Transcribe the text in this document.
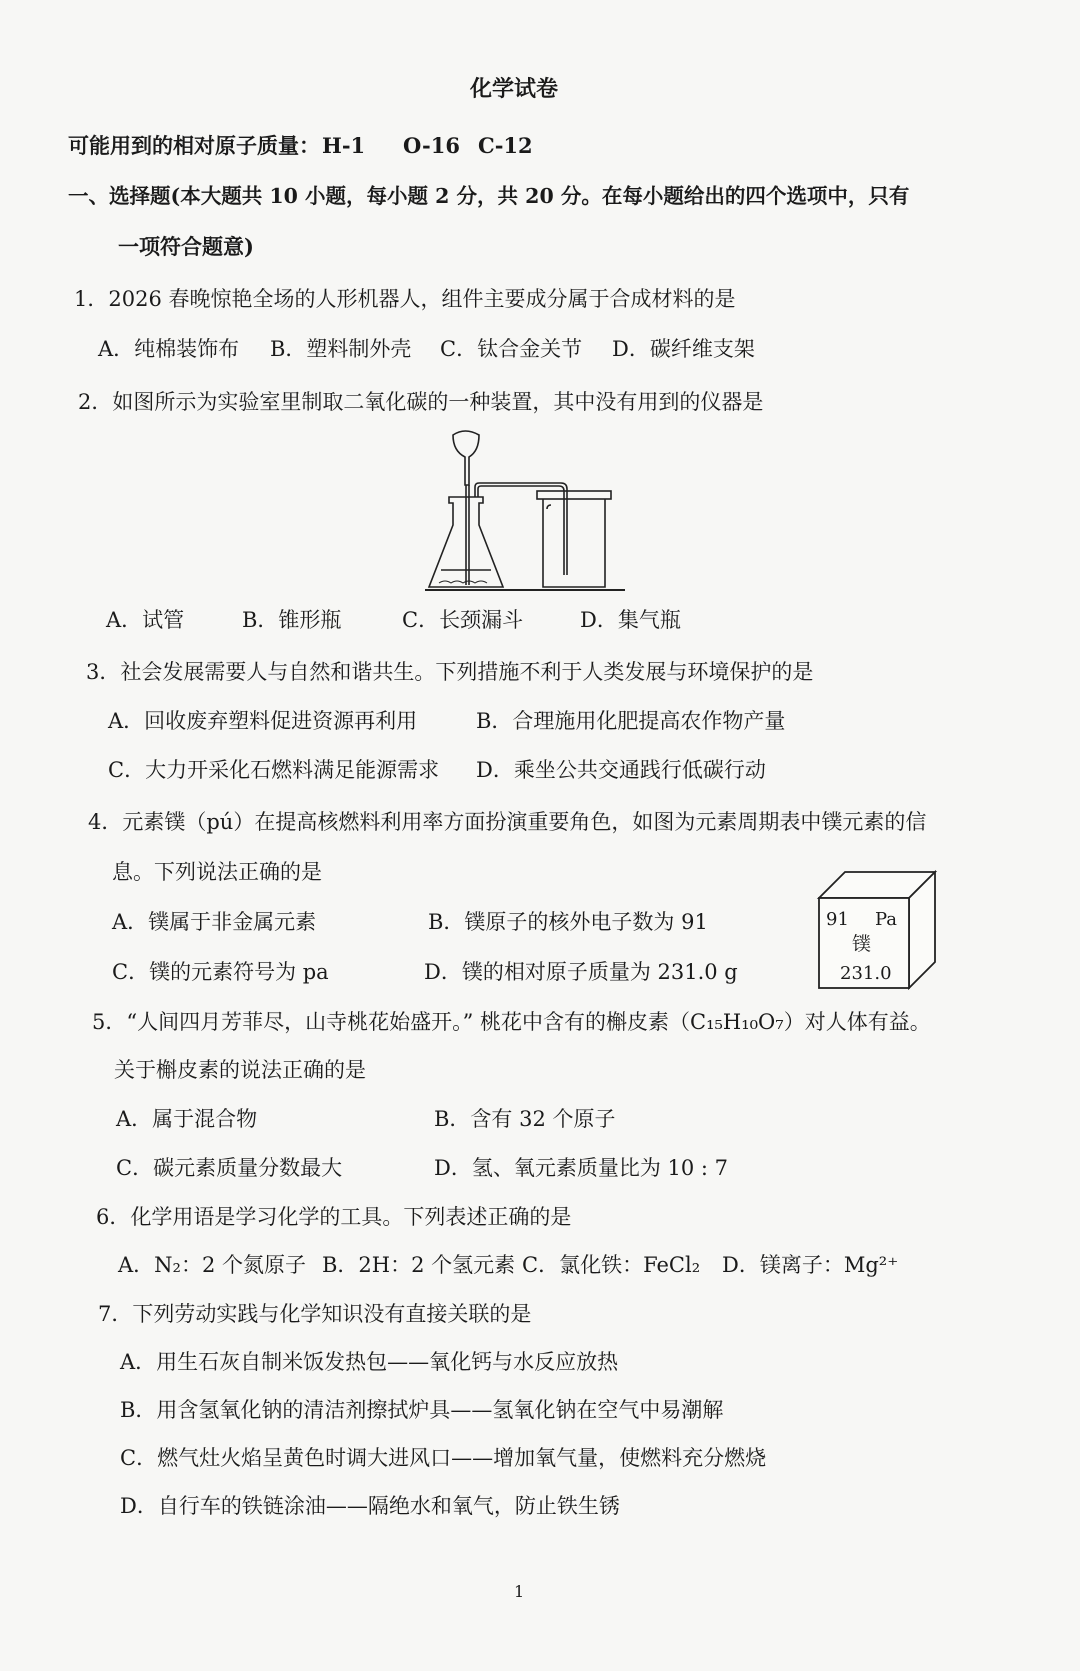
化学试卷
可能用到的相对原子质量： H-1 O-16 C-12
一、选择题(本大题共 10 小题，每小题 2 分，共 20 分。在每小题给出的四个选项中，只有
一项符合题意)
1．2026 春晚惊艳全场的人形机器人，组件主要成分属于合成材料的是
A．纯棉装饰布 B．塑料制外壳 C．钛合金关节 D．碳纤维支架
2．如图所示为实验室里制取二氧化碳的一种装置，其中没有用到的仪器是
A．试管	B．锥形瓶	C．长颈漏斗	D．集气瓶
3．社会发展需要人与自然和谐共生。下列措施不利于人类发展与环境保护的是
A．回收废弃塑料促进资源再利用	B．合理施用化肥提高农作物产量
C．大力开采化石燃料满足能源需求 D．乘坐公共交通践行低碳行动
4．元素镤（pú）在提高核燃料利用率方面扮演重要角色，如图为元素周期表中镤元素的信
息。下列说法正确的是
A．镤属于非金属元素	B．镤原子的核外电子数为 91
C．镤的元素符号为 pa	D．镤的相对原子质量为 231.0 g
91 Pa
镤
231.0
5．“人间四月芳菲尽，山寺桃花始盛开。” 桃花中含有的槲皮素（C₁₅H₁₀O₇）对人体有益。
关于槲皮素的说法正确的是
A．属于混合物	B．含有 32 个原子
C．碳元素质量分数最大	D．氢、氧元素质量比为 10 : 7
6．化学用语是学习化学的工具。下列表述正确的是
A．N₂：2 个氮原子 B．2H：2 个氢元素 C．氯化铁：FeCl₂ D．镁离子：Mg²⁺
7．下列劳动实践与化学知识没有直接关联的是
A．用生石灰自制米饭发热包——氧化钙与水反应放热
B．用含氢氧化钠的清洁剂擦拭炉具——氢氧化钠在空气中易潮解
C．燃气灶火焰呈黄色时调大进风口——增加氧气量，使燃料充分燃烧
D．自行车的铁链涂油——隔绝水和氧气，防止铁生锈
1
